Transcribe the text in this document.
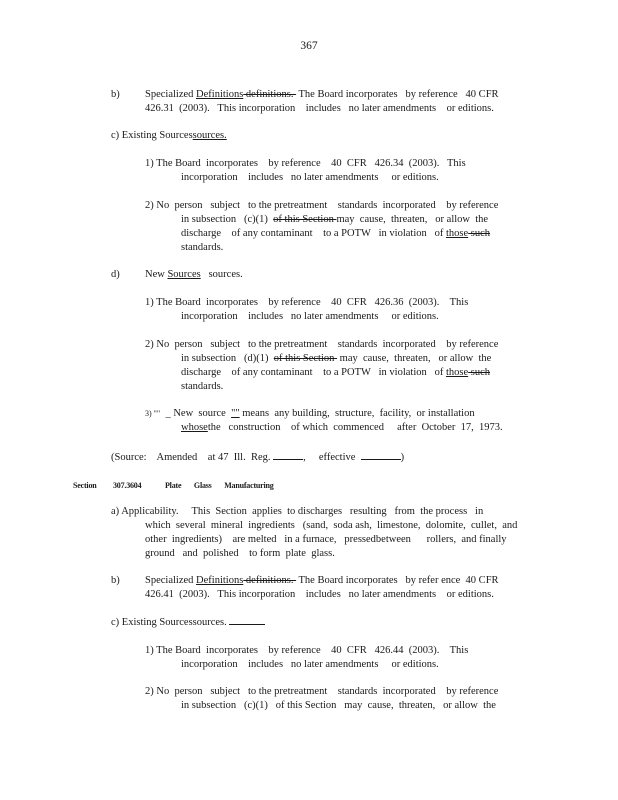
367
b) Specialized Definitions definitions.  The Board incorporates   by reference   40 CFR
426.31  (2003).   This incorporation    includes   no later amendments    or editions.
c) Existing Sourcessources.
1) The Board  incorporates    by reference    40  CFR   426.34  (2003).   This
incorporation    includes   no later amendments     or editions.
2) No  person   subject   to the pretreatment    standards  incorporated    by reference
in subsection   (c)(1)  of this Section may  cause,  threaten,   or allow  the
discharge    of any contaminant    to a POTW   in violation   of those such
standards.
d) New Sources   sources.
1) The Board  incorporates    by reference    40  CFR   426.36  (2003).    This
incorporation    includes   no later amendments     or editions.
2) No  person   subject   to the pretreatment    standards  incorporated    by reference
in subsection   (d)(1)  of this Section  may  cause,  threaten,   or allow  the
discharge    of any contaminant    to a POTW   in violation   of those such
standards.
3) ""  _ New  source  "" means  any building,  structure,  facility,  or installation
whosethe   construction    of which  commenced     after  October  17,  1973.
(Source:    Amended    at 47  Ill.  Reg.	,     effective	)
Section 307.3604	Plate       Glass       Manufacturing
a) Applicability.     This  Section  applies  to discharges   resulting   from  the process   in
which  several  mineral  ingredients   (sand,  soda ash,  limestone,  dolomite,  cullet,  and
other  ingredients)    are melted   in a furnace,   pressedbetween      rollers,  and finally
ground   and  polished    to form  plate  glass.
b) Specialized Definitions definitions.  The Board incorporates   by refer ence  40 CFR
426.41  (2003).   This incorporation    includes   no later amendments    or editions.
c) Existing Sourcessources.
1) The Board  incorporates    by reference    40  CFR   426.44  (2003).    This
incorporation    includes   no later amendments     or editions.
2) No  person   subject   to the pretreatment    standards  incorporated    by reference
in subsection   (c)(1)   of this Section   may  cause,  threaten,   or allow  the
